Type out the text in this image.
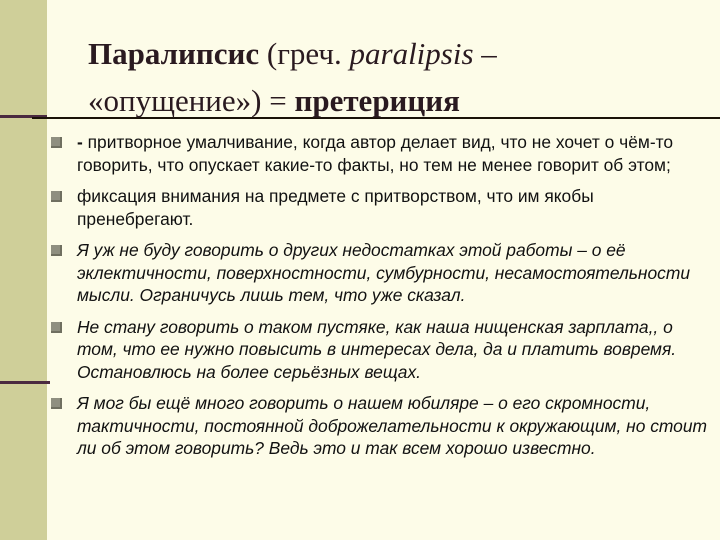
Паралипсис (греч. paralipsis –
«опущение») = претериция
- притворное умалчивание, когда автор делает вид, что не хочет о чём-то говорить, что опускает какие-то факты, но тем не менее говорит об этом;
фиксация внимания на предмете с притворством, что им якобы пренебрегают.
Я уж не буду говорить о других недостатках этой работы – о её эклектичности, поверхностности, сумбурности, несамостоятельности мысли. Ограничусь лишь тем, что уже сказал.
Не стану говорить о таком пустяке, как наша нищенская зарплата,, о том, что ее нужно повысить в интересах дела, да и платить вовремя. Остановлюсь на более серьёзных вещах.
Я мог бы ещё много говорить о нашем юбиляре – о его скромности, тактичности, постоянной доброжелательности к окружающим, но стоит ли об этом говорить? Ведь это и так всем хорошо известно.
